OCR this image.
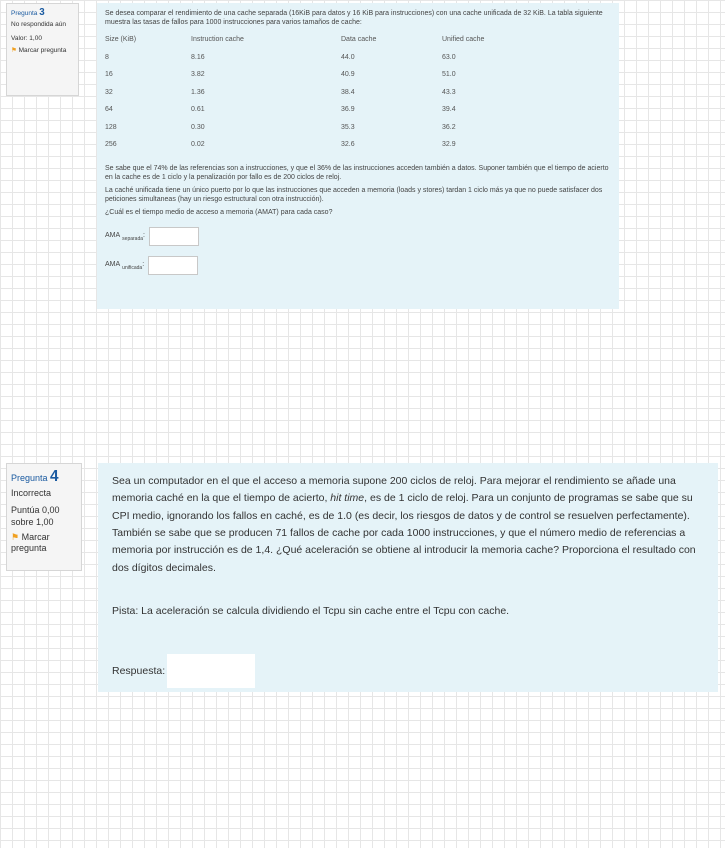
Pregunta 3
No respondida aún
Valor: 1,00
⚑ Marcar pregunta

Se desea comparar el rendimiento de una cache separada (16KiB para datos y 16 KiB para instrucciones) con una cache unificada de 32 KiB. La tabla siguiente muestra las tasas de fallos para 1000 instrucciones para varios tamaños de cache:

Size (KiB)	Instruction cache	Data cache	Unified cache
8	8.16	44.0	63.0
16	3.82	40.9	51.0
32	1.36	38.4	43.3
64	0.61	36.9	39.4
128	0.30	35.3	36.2
256	0.02	32.6	32.9

Se sabe que el 74% de las referencias son a instrucciones, y que el 36% de las instrucciones acceden también a datos. Suponer también que el tiempo de acierto en la cache es de 1 ciclo y la penalización por fallo es de 200 ciclos de reloj.

La caché unificada tiene un único puerto por lo que las instrucciones que acceden a memoria (loads y stores) tardan 1 ciclo más ya que no puede satisfacer dos peticiones simultaneas (hay un riesgo estructural con otra instrucción).

¿Cuál es el tiempo medio de acceso a memoria (AMAT) para cada caso?

AMA $_{separada}$:
AMA $_{unificada}$:
Pregunta 4
Incorrecta
Puntúa 0,00 sobre 1,00
⚑ Marcar pregunta

Sea un computador en el que el acceso a memoria supone 200 ciclos de reloj. Para mejorar el rendimiento se añade una memoria caché en la que el tiempo de acierto, hit time, es de 1 ciclo de reloj. Para un conjunto de programas se sabe que su CPI medio, ignorando los fallos en caché, es de 1.0 (es decir, los riesgos de datos y de control se resuelven perfectamente). También se sabe que se producen 71 fallos de cache por cada 1000 instrucciones, y que el número medio de referencias a memoria por instrucción es de 1,4. ¿Qué aceleración se obtiene al introducir la memoria cache? Proporciona el resultado con dos dígitos decimales.

Pista: La aceleración se calcula dividiendo el Tcpu sin cache entre el Tcpu con cache.

Respuesta:
